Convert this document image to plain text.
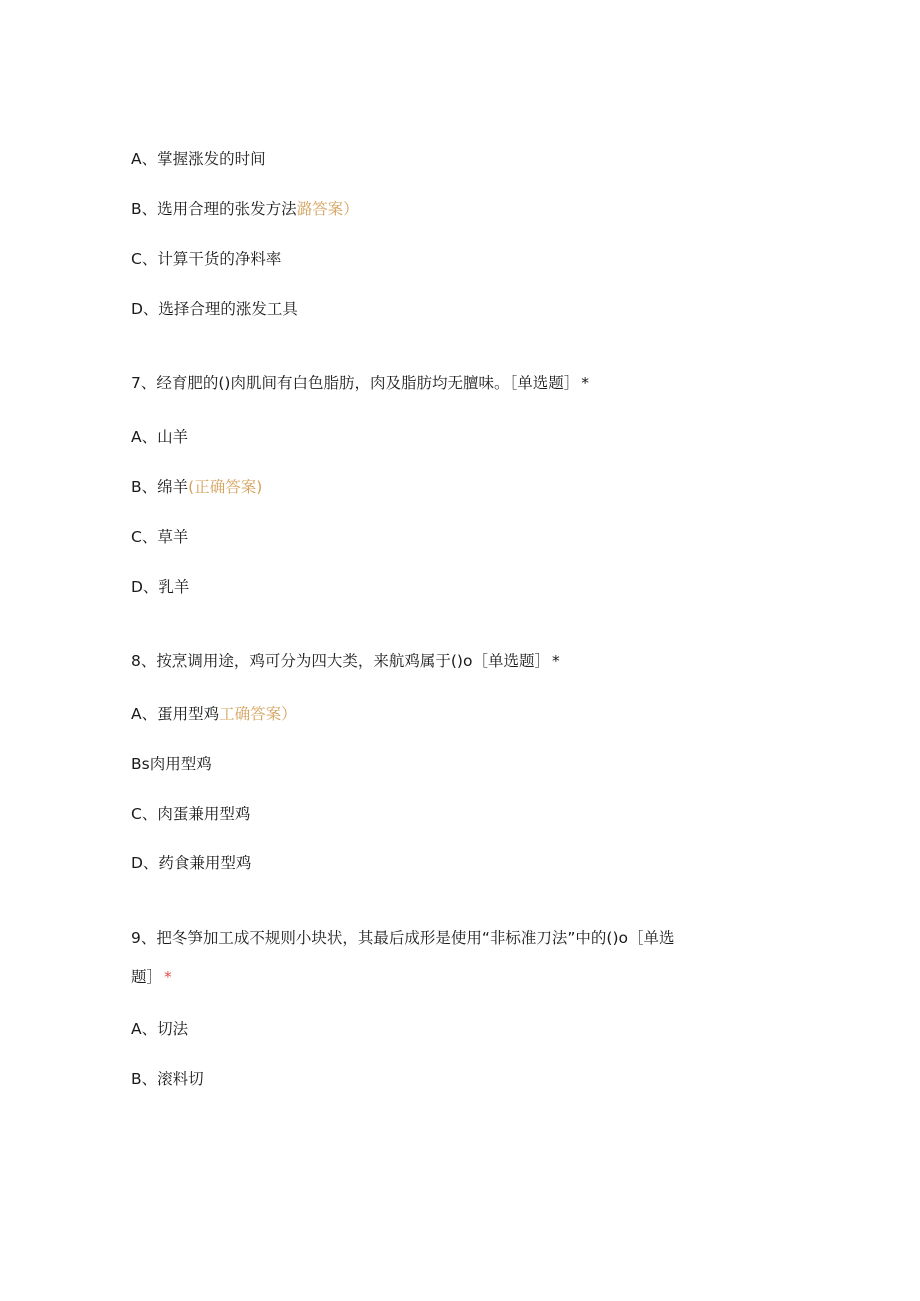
A、掌握涨发的时间
B、选用合理的张发方法潞答案）
C、计算干货的净料率
D、选择合理的涨发工具
7、经育肥的()肉肌间有白色脂肪，肉及脂肪均无膻味。［单选题］ *
A、山羊
B、绵羊(正确答案)
C、草羊
D、乳羊
8、按烹调用途，鸡可分为四大类，来航鸡属于()o［单选题］ *
A、蛋用型鸡工确答案）
Bs肉用型鸡
C、肉蛋兼用型鸡
D、药食兼用型鸡
9、把冬笋加工成不规则小块状，其最后成形是使用“非标准刀法”中的()o［单选
题］ *
A、切法
B、滚料切
